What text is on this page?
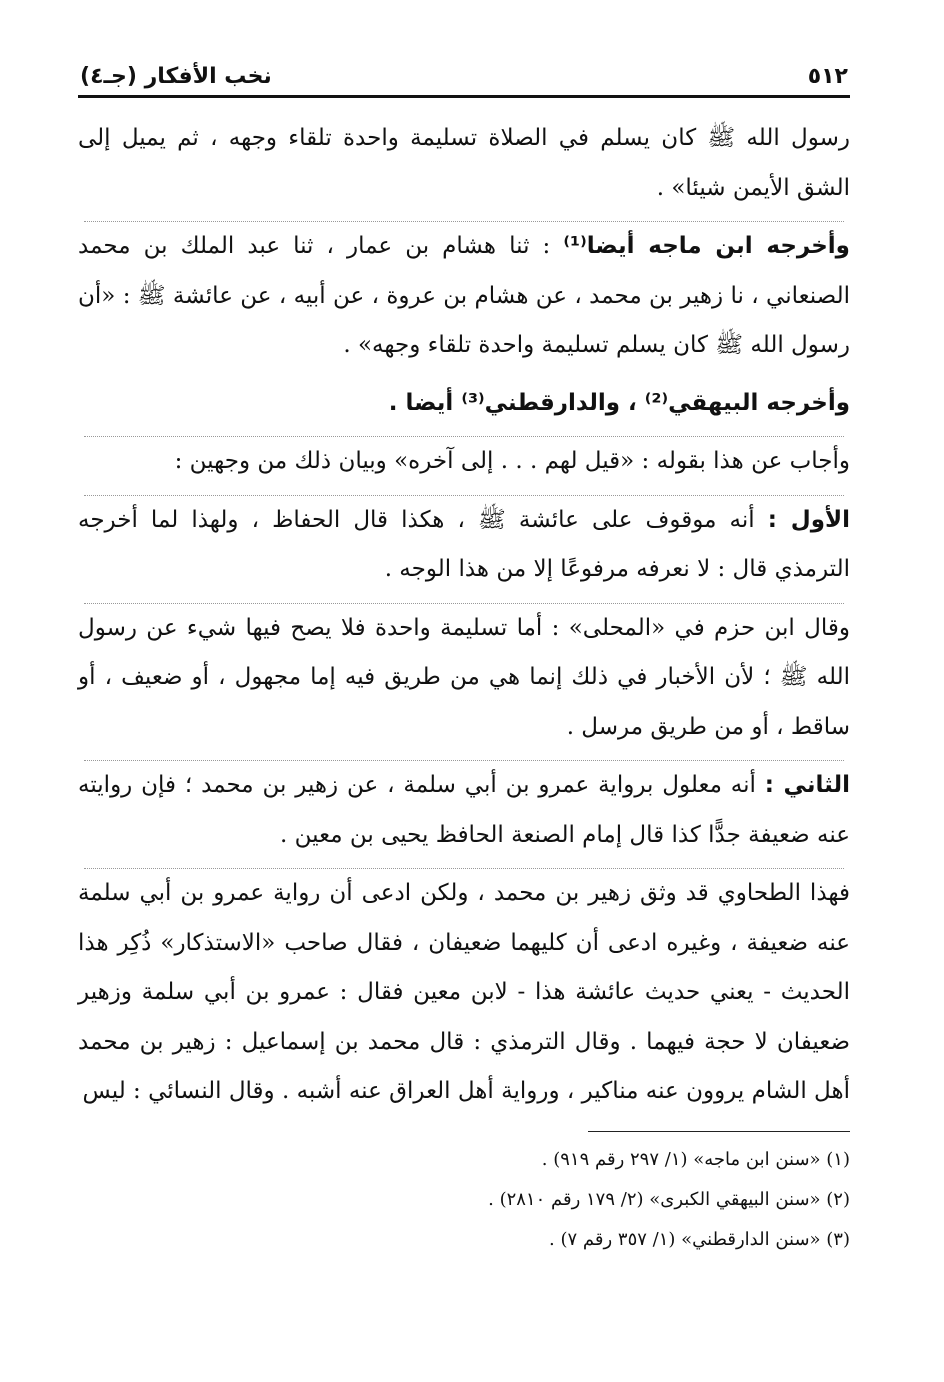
٥١٢
نخب الأفكار (جـ٤)

رسول الله ﷺ كان يسلم في الصلاة تسليمة واحدة تلقاء وجهه ، ثم يميل إلى الشق الأيمن شيئا» .

وأخرجه ابن ماجه أيضا⁽¹⁾ : ثنا هشام بن عمار ، ثنا عبد الملك بن محمد الصنعاني ، نا زهير بن محمد ، عن هشام بن عروة ، عن أبيه ، عن عائشة ﷺ : «أن رسول الله ﷺ كان يسلم تسليمة واحدة تلقاء وجهه» .

وأخرجه البيهقي⁽²⁾ ، والدارقطني⁽³⁾ أيضا .

وأجاب عن هذا بقوله : «قيل لهم . . . إلى آخره» وبيان ذلك من وجهين :

الأول : أنه موقوف على عائشة ﷺ ، هكذا قال الحفاظ ، ولهذا لما أخرجه الترمذي قال : لا نعرفه مرفوعًا إلا من هذا الوجه .

وقال ابن حزم في «المحلى» : أما تسليمة واحدة فلا يصح فيها شيء عن رسول الله ﷺ ؛ لأن الأخبار في ذلك إنما هي من طريق فيه إما مجهول ، أو ضعيف ، أو ساقط ، أو من طريق مرسل .

الثاني : أنه معلول برواية عمرو بن أبي سلمة ، عن زهير بن محمد ؛ فإن روايته عنه ضعيفة جدًّا كذا قال إمام الصنعة الحافظ يحيى بن معين .

فهذا الطحاوي قد وثق زهير بن محمد ، ولكن ادعى أن رواية عمرو بن أبي سلمة عنه ضعيفة ، وغيره ادعى أن كليهما ضعيفان ، فقال صاحب «الاستذكار» ذُكِر هذا الحديث - يعني حديث عائشة هذا - لابن معين فقال : عمرو بن أبي سلمة وزهير ضعيفان لا حجة فيهما . وقال الترمذي : قال محمد بن إسماعيل : زهير بن محمد أهل الشام يروون عنه مناكير ، ورواية أهل العراق عنه أشبه . وقال النسائي : ليس

(١) «سنن ابن ماجه» (١/ ٢٩٧ رقم ٩١٩) .

(٢) «سنن البيهقي الكبرى» (٢/ ١٧٩ رقم ٢٨١٠) .

(٣) «سنن الدارقطني» (١/ ٣٥٧ رقم ٧) .
